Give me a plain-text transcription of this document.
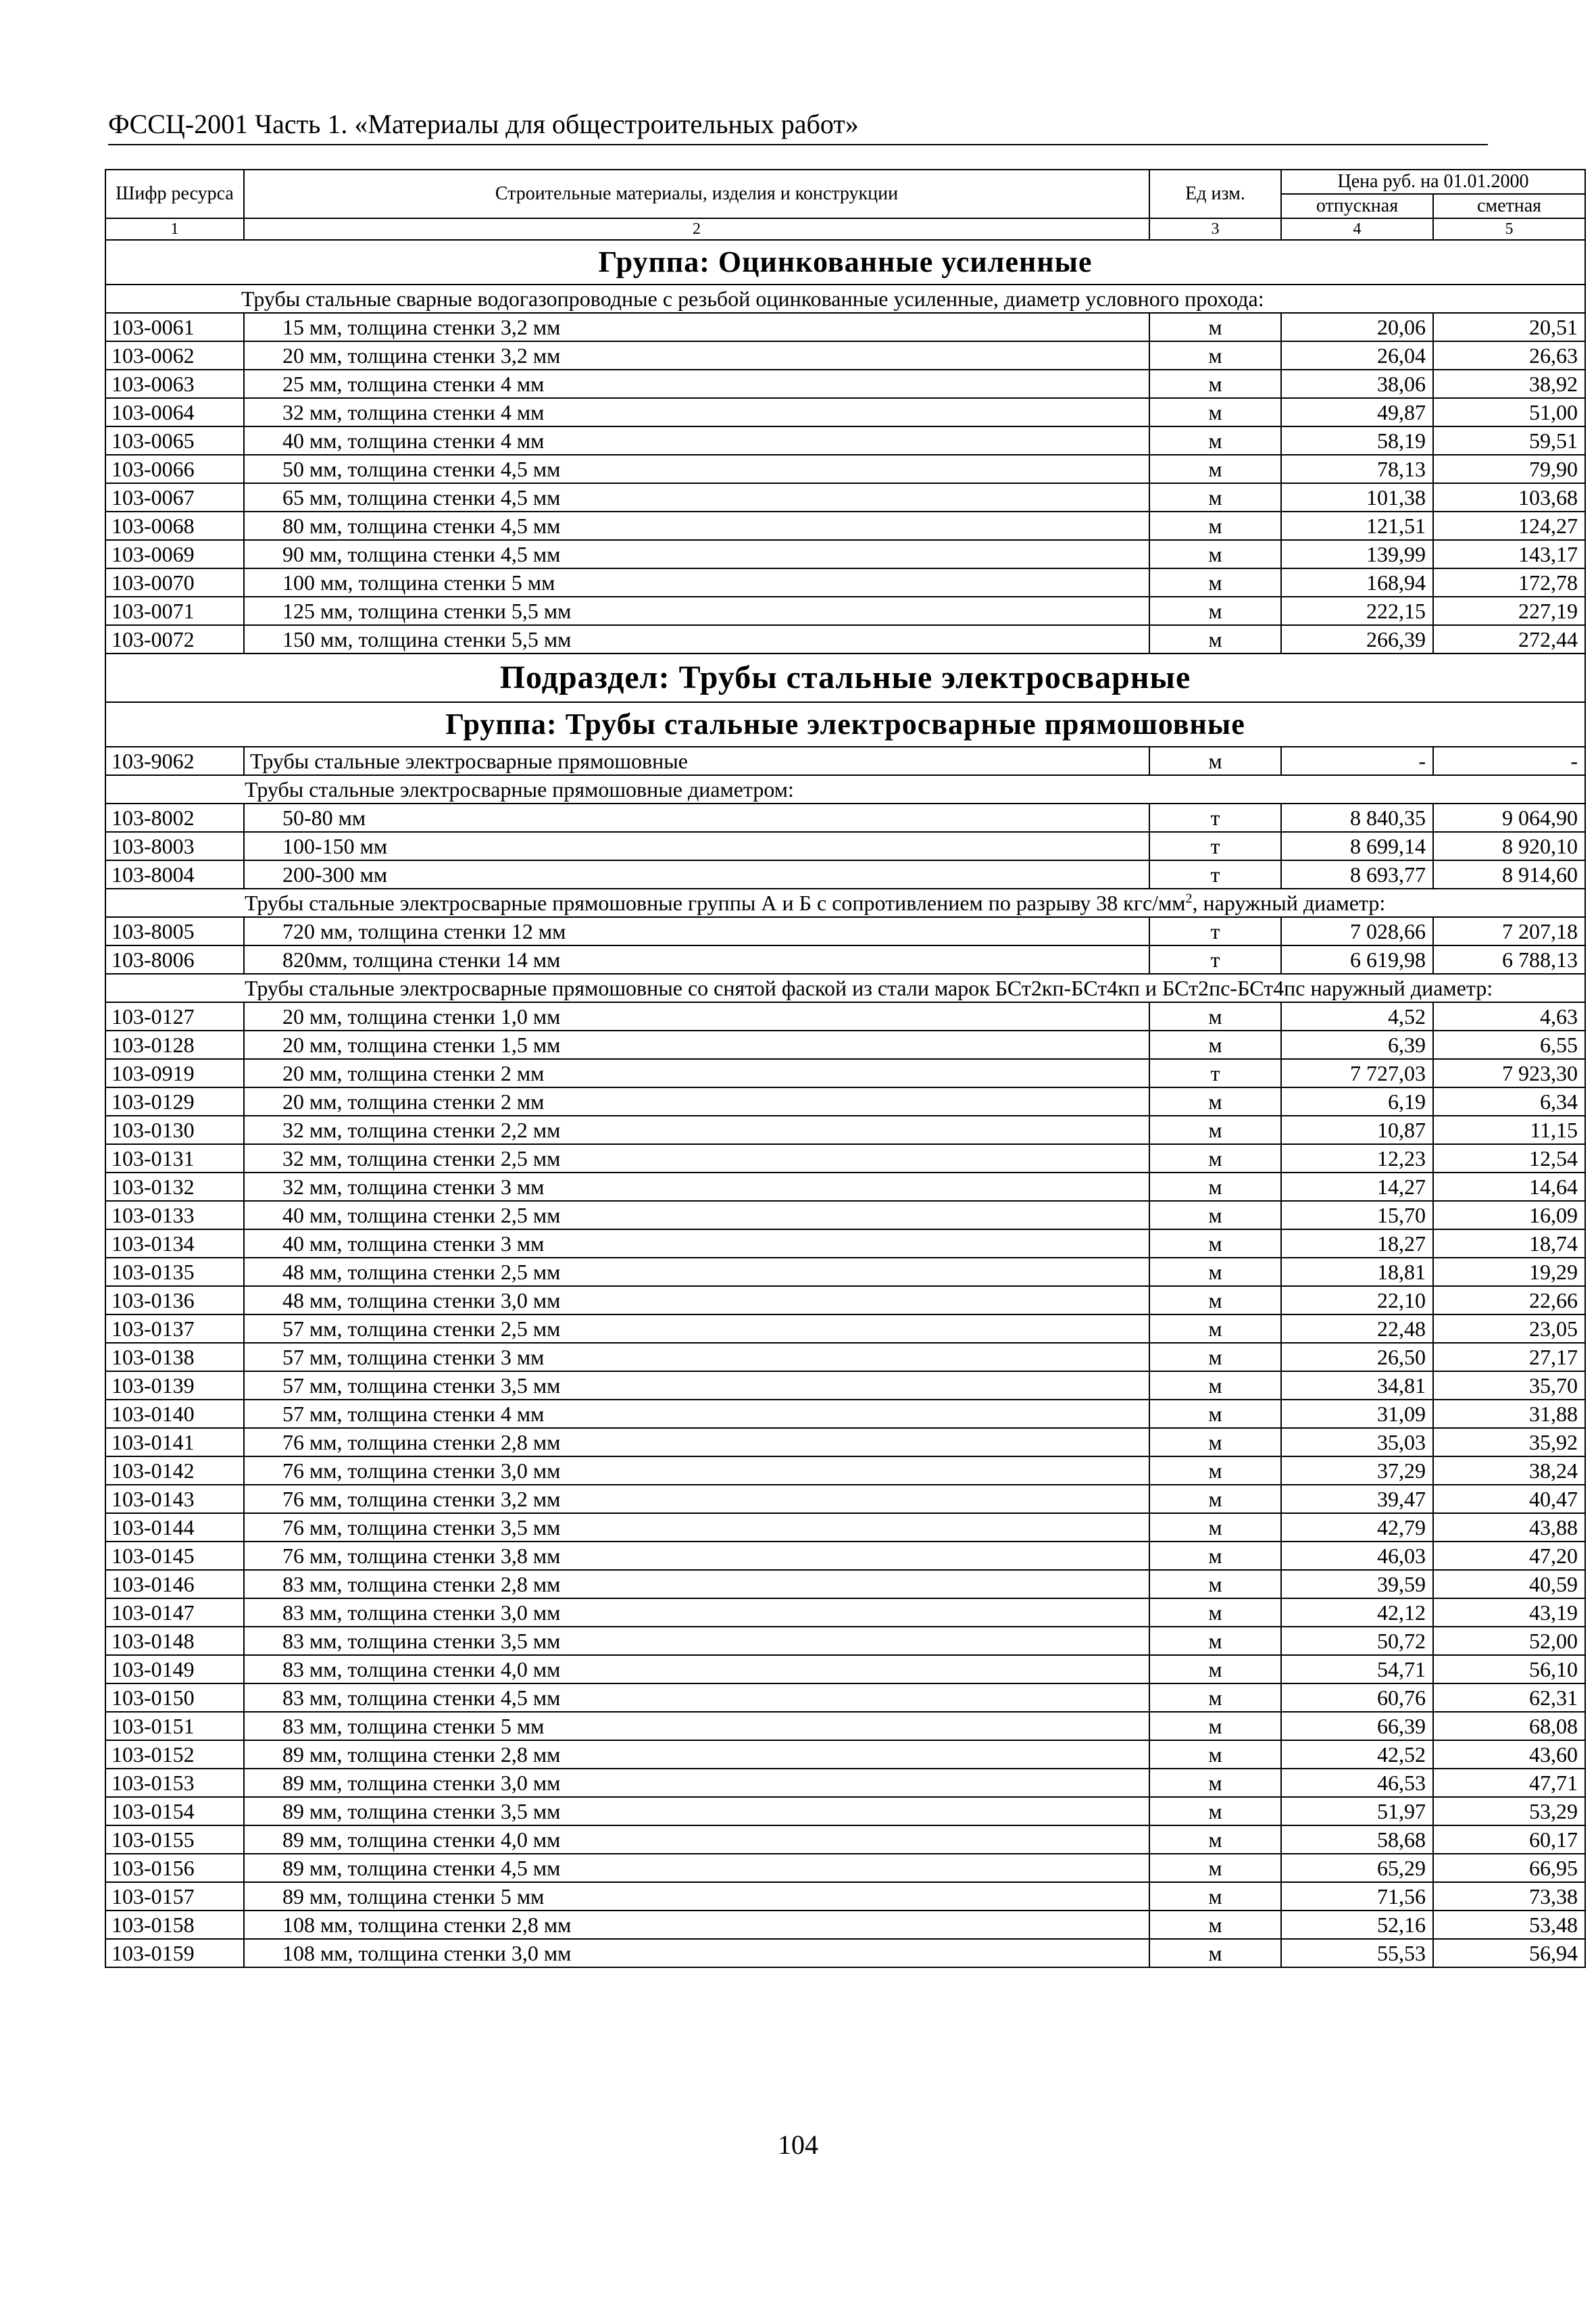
ФССЦ-2001 Часть 1. «Материалы для общестроительных работ»
Шифр ресурса	Строительные материалы, изделия и конструкции	Ед изм.	Цена руб. на 01.01.2000	
			отпускная	сметная
1	2	3	4	5
Группа: Оцинкованные усиленные				
Трубы стальные сварные водогазопроводные с резьбой оцинкованные усиленные, диаметр условного прохода:				
103-0061	15 мм, толщина стенки 3,2 мм	м	20,06	20,51
103-0062	20 мм, толщина стенки 3,2 мм	м	26,04	26,63
103-0063	25 мм, толщина стенки 4 мм	м	38,06	38,92
103-0064	32 мм, толщина стенки 4 мм	м	49,87	51,00
103-0065	40 мм, толщина стенки 4 мм	м	58,19	59,51
103-0066	50 мм, толщина стенки 4,5 мм	м	78,13	79,90
103-0067	65 мм, толщина стенки 4,5 мм	м	101,38	103,68
103-0068	80 мм, толщина стенки 4,5 мм	м	121,51	124,27
103-0069	90 мм, толщина стенки 4,5 мм	м	139,99	143,17
103-0070	100 мм, толщина стенки 5 мм	м	168,94	172,78
103-0071	125 мм, толщина стенки 5,5 мм	м	222,15	227,19
103-0072	150 мм, толщина стенки 5,5 мм	м	266,39	272,44
Подраздел: Трубы стальные электросварные				
Группа: Трубы стальные электросварные прямошовные				
103-9062	Трубы стальные электросварные прямошовные	м	-	-
Трубы стальные электросварные прямошовные диаметром:				
103-8002	50-80 мм	т	8 840,35	9 064,90
103-8003	100-150 мм	т	8 699,14	8 920,10
103-8004	200-300 мм	т	8 693,77	8 914,60
Трубы стальные электросварные прямошовные группы А и Б с сопротивлением по разрыву 38 кгс/$мм^2$, наружный диаметр:				
103-8005	720 мм, толщина стенки 12 мм	т	7 028,66	7 207,18
103-8006	820мм, толщина стенки 14 мм	т	6 619,98	6 788,13
Трубы стальные электросварные прямошовные со снятой фаской из стали марок БСт2кп-БСт4кп и БСт2пс-БСт4пс наружный диаметр:				
103-0127	20 мм, толщина стенки 1,0 мм	м	4,52	4,63
103-0128	20 мм, толщина стенки 1,5 мм	м	6,39	6,55
103-0919	20 мм, толщина стенки 2 мм	т	7 727,03	7 923,30
103-0129	20 мм, толщина стенки 2 мм	м	6,19	6,34
103-0130	32 мм, толщина стенки 2,2 мм	м	10,87	11,15
103-0131	32 мм, толщина стенки 2,5 мм	м	12,23	12,54
103-0132	32 мм, толщина стенки 3 мм	м	14,27	14,64
103-0133	40 мм, толщина стенки 2,5 мм	м	15,70	16,09
103-0134	40 мм, толщина стенки 3 мм	м	18,27	18,74
103-0135	48 мм, толщина стенки 2,5 мм	м	18,81	19,29
103-0136	48 мм, толщина стенки 3,0 мм	м	22,10	22,66
103-0137	57 мм, толщина стенки 2,5 мм	м	22,48	23,05
103-0138	57 мм, толщина стенки 3 мм	м	26,50	27,17
103-0139	57 мм, толщина стенки 3,5 мм	м	34,81	35,70
103-0140	57 мм, толщина стенки 4 мм	м	31,09	31,88
103-0141	76 мм, толщина стенки 2,8 мм	м	35,03	35,92
103-0142	76 мм, толщина стенки 3,0 мм	м	37,29	38,24
103-0143	76 мм, толщина стенки 3,2 мм	м	39,47	40,47
103-0144	76 мм, толщина стенки 3,5 мм	м	42,79	43,88
103-0145	76 мм, толщина стенки 3,8 мм	м	46,03	47,20
103-0146	83 мм, толщина стенки 2,8 мм	м	39,59	40,59
103-0147	83 мм, толщина стенки 3,0 мм	м	42,12	43,19
103-0148	83 мм, толщина стенки 3,5 мм	м	50,72	52,00
103-0149	83 мм, толщина стенки 4,0 мм	м	54,71	56,10
103-0150	83 мм, толщина стенки 4,5 мм	м	60,76	62,31
103-0151	83 мм, толщина стенки 5 мм	м	66,39	68,08
103-0152	89 мм, толщина стенки 2,8 мм	м	42,52	43,60
103-0153	89 мм, толщина стенки 3,0 мм	м	46,53	47,71
103-0154	89 мм, толщина стенки 3,5 мм	м	51,97	53,29
103-0155	89 мм, толщина стенки 4,0 мм	м	58,68	60,17
103-0156	89 мм, толщина стенки 4,5 мм	м	65,29	66,95
103-0157	89 мм, толщина стенки 5 мм	м	71,56	73,38
103-0158	108 мм, толщина стенки 2,8 мм	м	52,16	53,48
103-0159	108 мм, толщина стенки 3,0 мм	м	55,53	56,94
104
